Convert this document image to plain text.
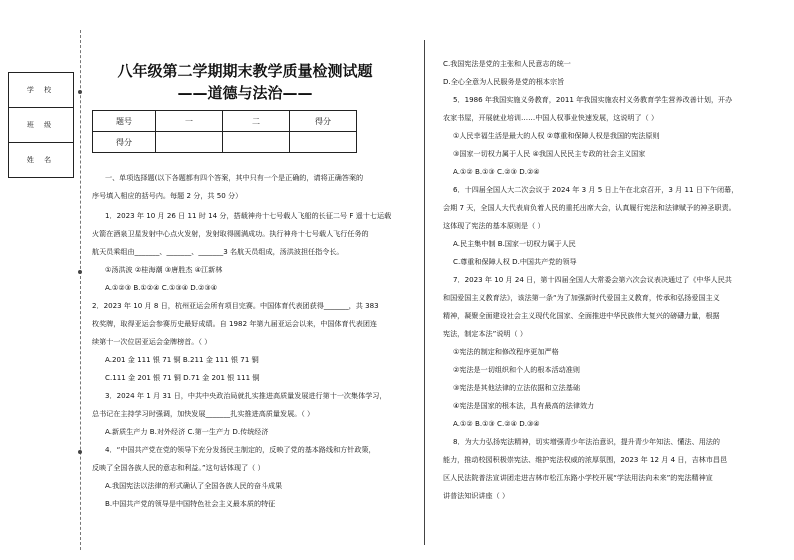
学 校
班 级
姓 名
八年级第二学期期末教学质量检测试题
——道德与法治——
题号	一	二	得分
得分			
一、单项选择题(以下各题都有四个答案，其中只有一个是正确的，请将正确答案的
序号填入相应的括号内。每题 2 分，共 50 分）
1．2023 年 10 月 26 日 11 时 14 分，搭载神舟十七号载人飞船的长征二号 F 遥十七运载
火箭在酒泉卫星发射中心点火发射，发射取得圆满成功。执行神舟十七号载人飞行任务的
航天员乘组由_______、_______、_______3 名航天员组成，汤洪波担任指令长。
①汤洪波 ②桂海潮 ③唐胜杰 ④江新林
A.①②③ B.①②④ C.①③④ D.②③④
2．2023 年 10 月 8 日，杭州亚运会所有项目完赛。中国体育代表团获得_______，共 383
枚奖牌，取得亚运会参赛历史最好成绩。自 1982 年第九届亚运会以来，中国体育代表团连
续第十一次位居亚运会金牌榜首。（ ）
A.201 金 111 银 71 铜 B.211 金 111 银 71 铜
C.111 金 201 银 71 铜 D.71 金 201 银 111 铜
3．2024 年 1 月 31 日，中共中央政治局就扎实推进高质量发展进行第十一次集体学习，
总书记在主持学习时强调，加快发展_______扎实推进高质量发展。（ ）
A.新质生产力 B.对外经济 C.第一生产力 D.传统经济
4．“中国共产党在党的领导下充分发扬民主制定的，反映了党的基本路线和方针政策，
反映了全国各族人民的意志和利益。”这句话体现了（ ）
A.我国宪法以法律的形式确认了全国各族人民的奋斗成果
B.中国共产党的领导是中国特色社会主义最本质的特征
C.我国宪法是党的主张和人民意志的统一
D.全心全意为人民服务是党的根本宗旨
5．1986 年我国实施义务教育，2011 年我国实施农村义务教育学生营养改善计划，开办
农家书屋，开展就业培训……中国人权事业快速发展，这说明了（ ）
①人民幸福生活是最大的人权 ②尊重和保障人权是我国的宪法原则
③国家一切权力属于人民 ④我国人民民主专政的社会主义国家
A.①② B.①③ C.②③ D.②④
6．十四届全国人大二次会议于 2024 年 3 月 5 日上午在北京召开，3 月 11 日下午闭幕，
会期 7 天，全国人大代表肩负着人民的重托出席大会，认真履行宪法和法律赋予的神圣职责。
这体现了宪法的基本原则是（ ）
A.民主集中制 B.国家一切权力属于人民
C.尊重和保障人权 D.中国共产党的领导
7．2023 年 10 月 24 日，第十四届全国人大常委会第六次会议表决通过了《中华人民共
和国爱国主义教育法》，该法第一条“为了加强新时代爱国主义教育，传承和弘扬爱国主义
精神，凝聚全面建设社会主义现代化国家、全面推进中华民族伟大复兴的磅礴力量，根据
宪法，制定本法”说明（ ）
①宪法的制定和修改程序更加严格
②宪法是一切组织和个人的根本活动准则
③宪法是其他法律的立法依据和立法基础
④宪法是国家的根本法，具有最高的法律效力
A.①② B.①③ C.②④ D.③④
8．为大力弘扬宪法精神，切实增强青少年法治意识，提升青少年知法、懂法、用法的
能力，推动校园积极崇宪法、维护宪法权威的浓厚氛围，2023 年 12 月 4 日，吉林市昌邑
区人民法院普法宣讲团走进吉林市松江东路小学校开展“学法用法向未来”的宪法精神宣
讲普法知识讲座（ ）
